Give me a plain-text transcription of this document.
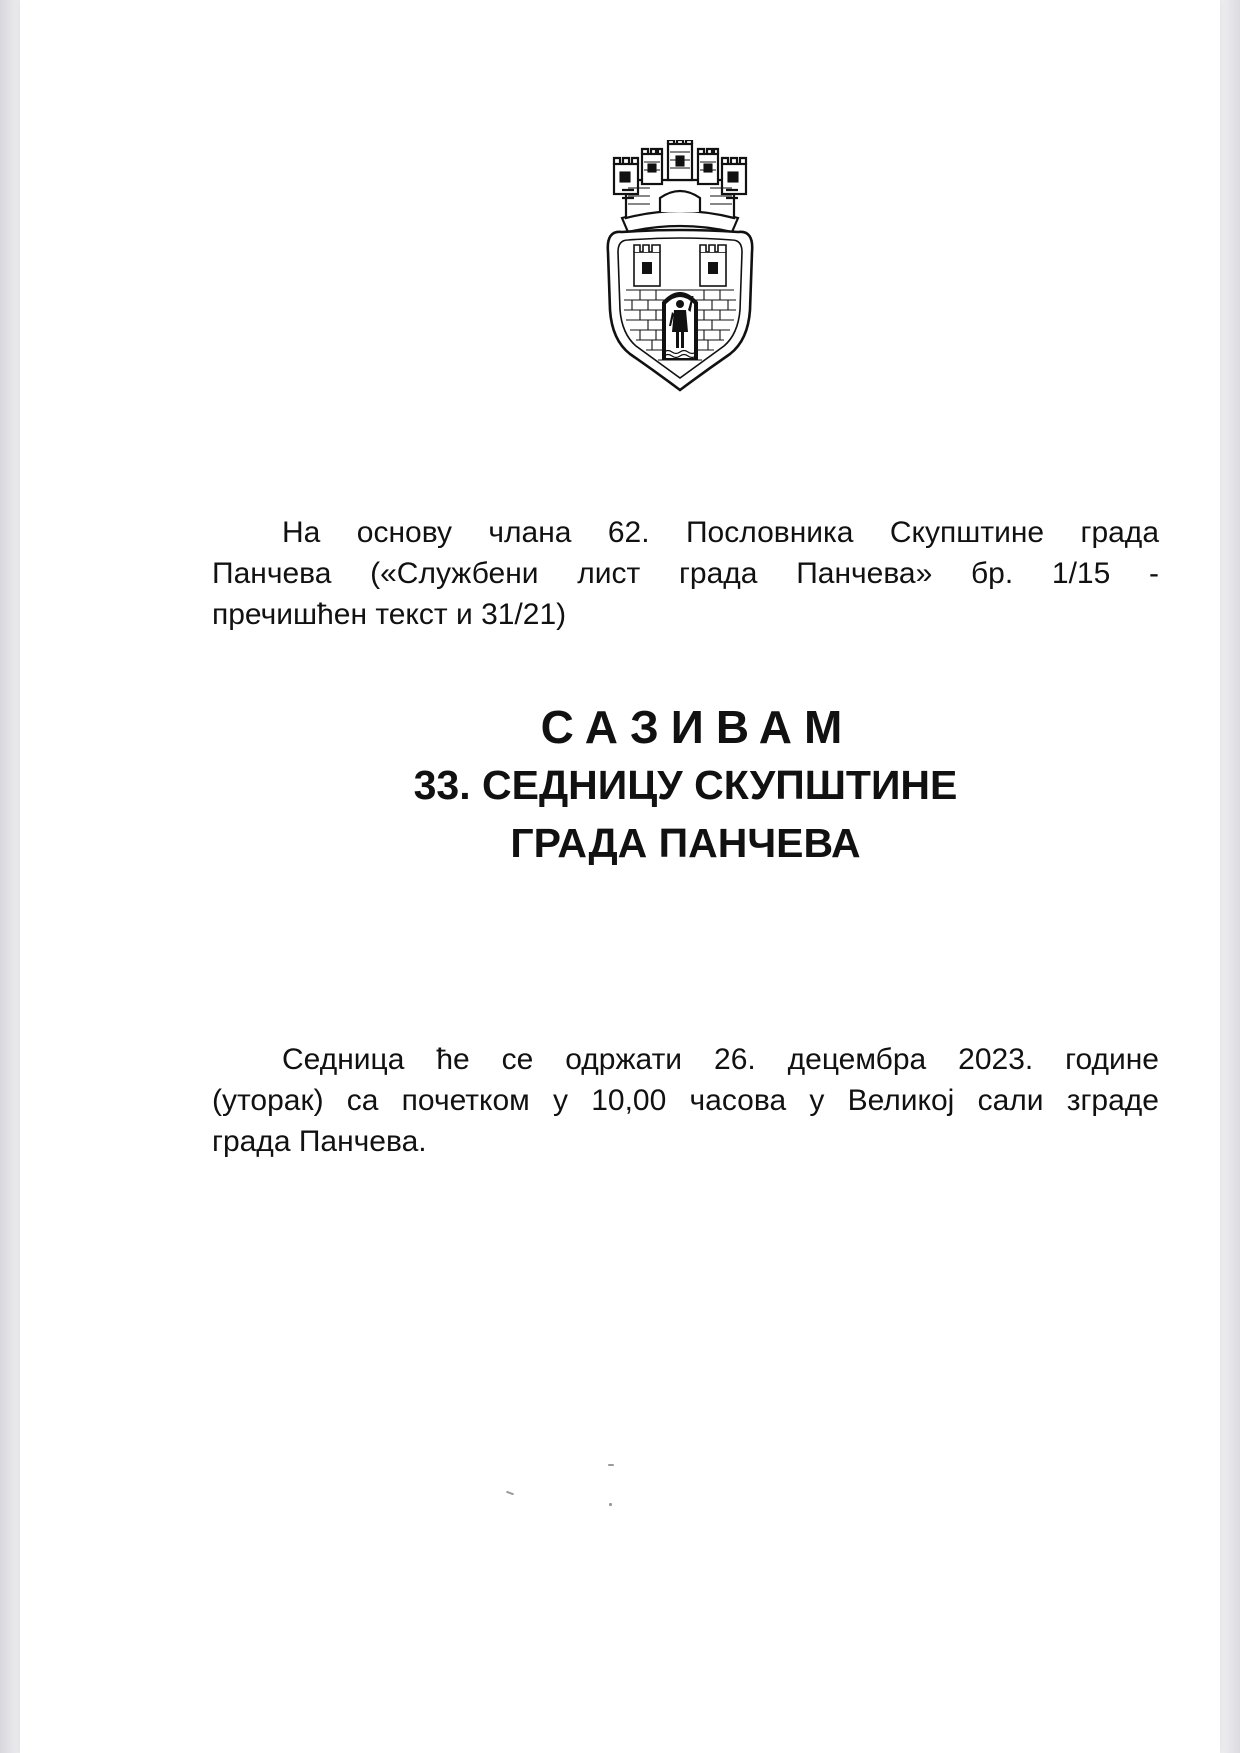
На основу члана 62. Пословника Скупштине града
Панчева («Службени лист града Панчева» бр. 1/15 -
пречишћен текст и 31/21)

САЗИВАМ
33. СЕДНИЦУ СКУПШТИНЕ
ГРАДА ПАНЧЕВА

Седница ће се одржати 26. децембра 2023. године
(уторак) са почетком у 10,00 часова у Великој сали зграде
града Панчева.
